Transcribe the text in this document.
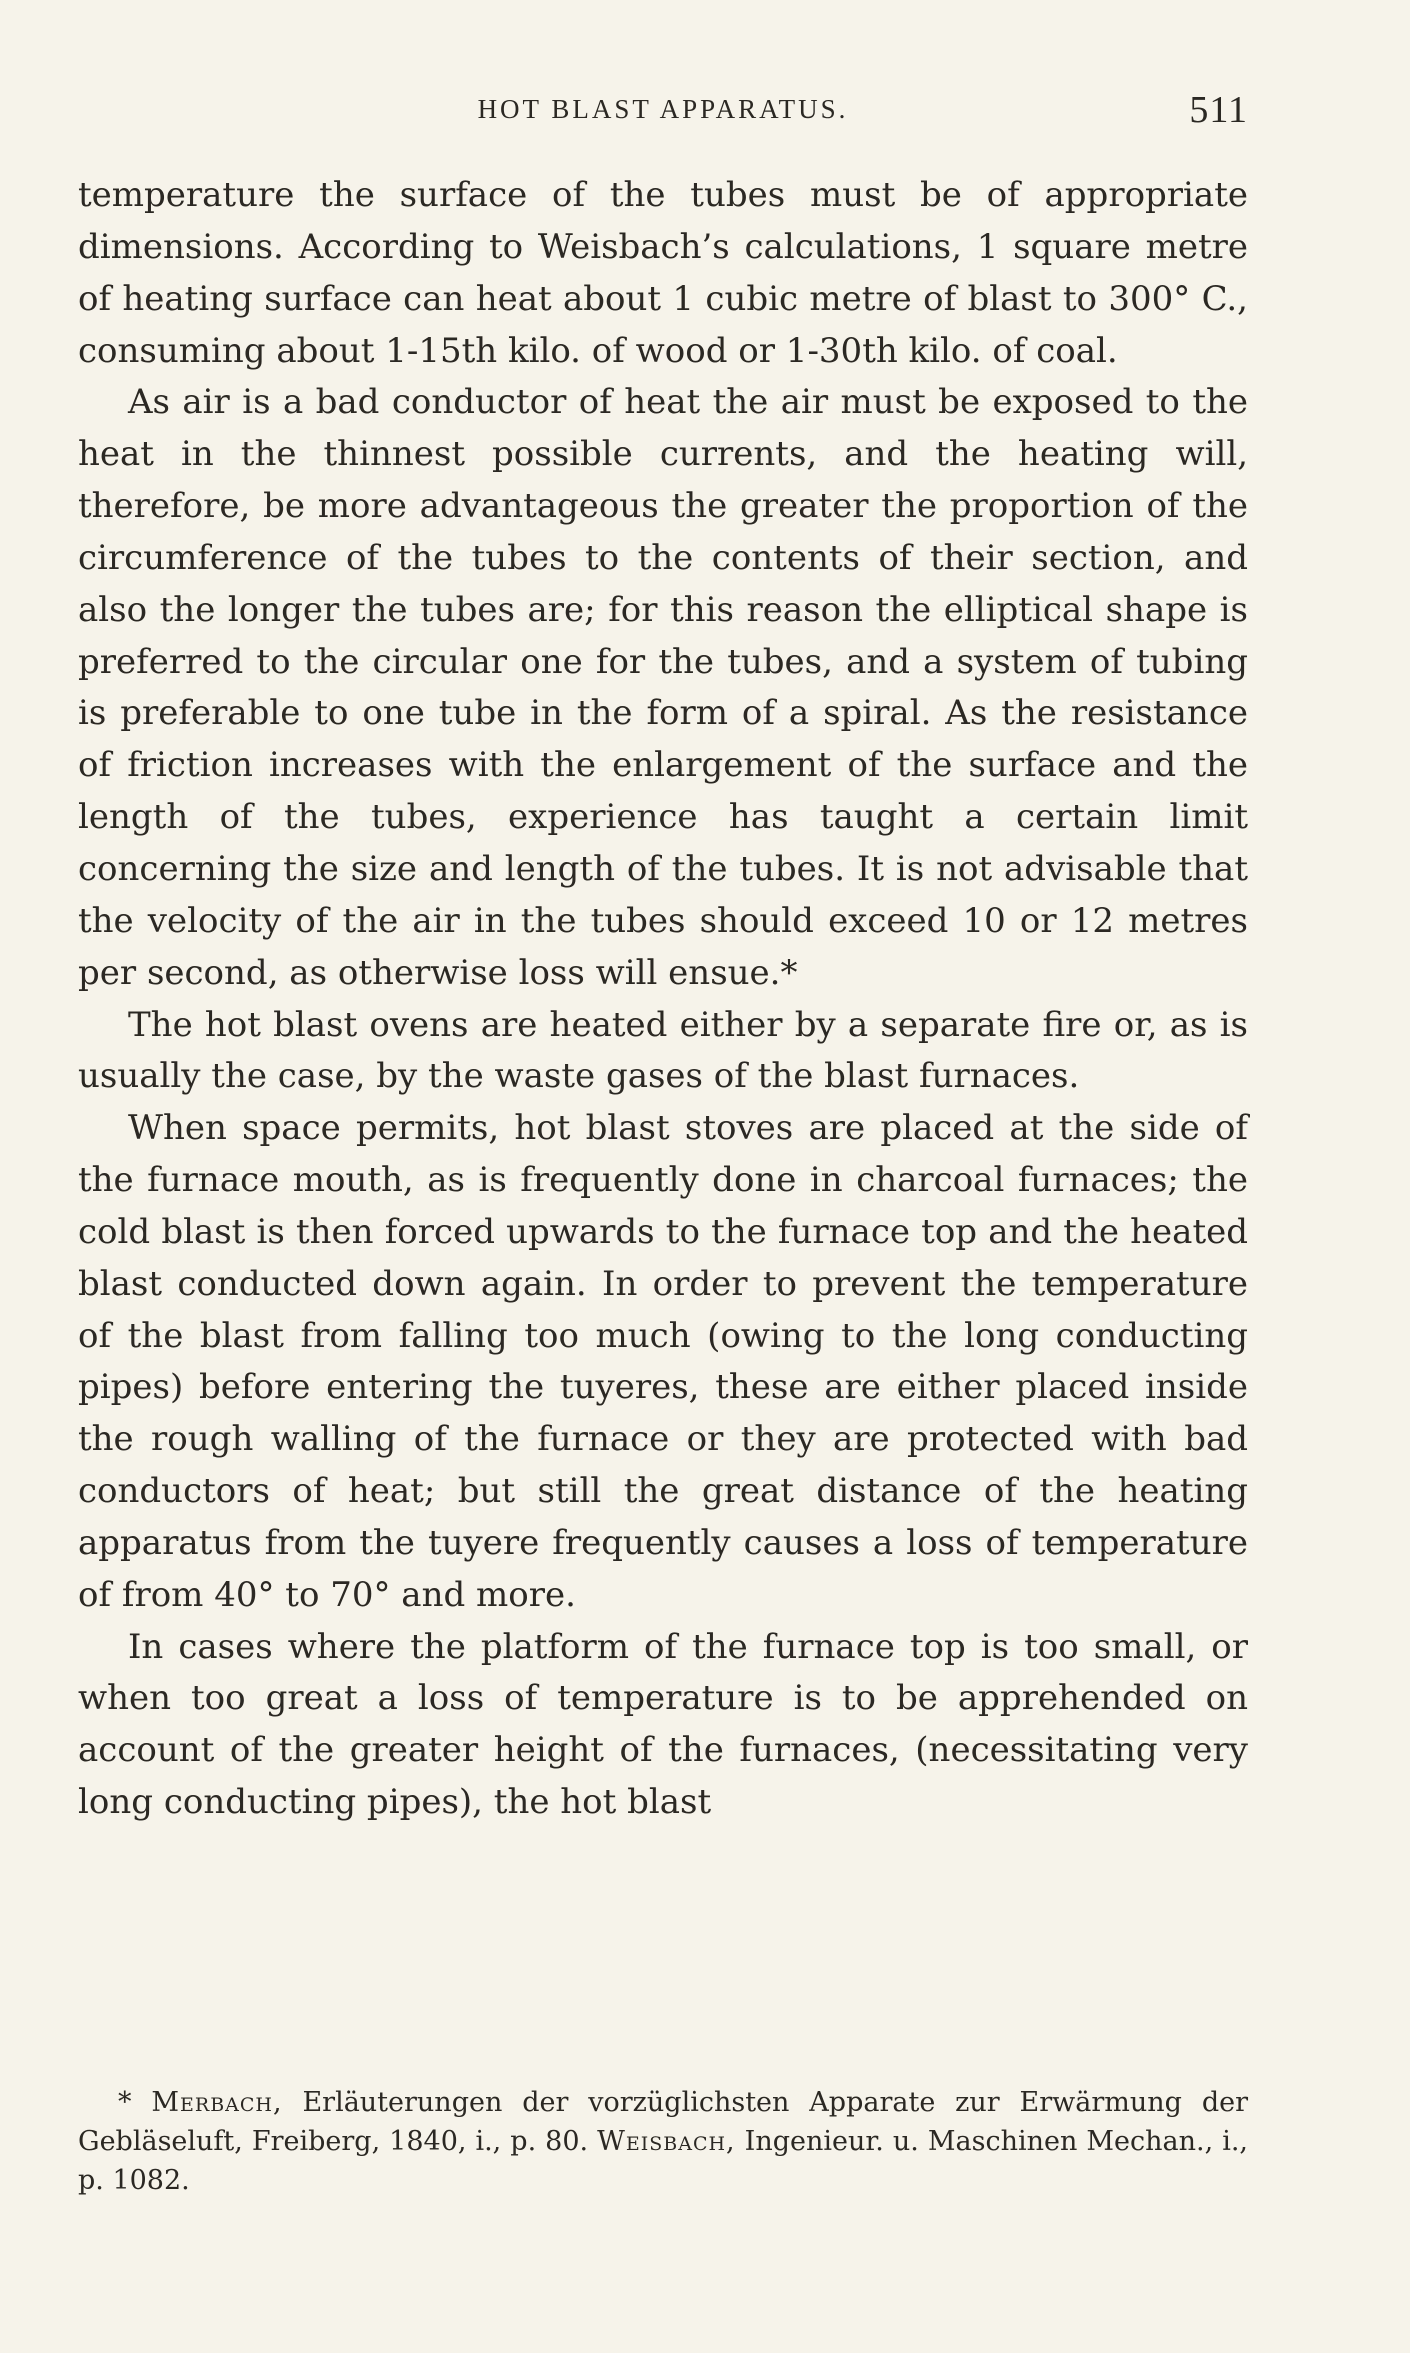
HOT BLAST APPARATUS.	511

temperature the surface of the tubes must be of appropriate dimensions. According to Weisbach’s calculations, 1 square metre of heating surface can heat about 1 cubic metre of blast to 300° C., consuming about 1-15th kilo. of wood or 1-30th kilo. of coal.

As air is a bad conductor of heat the air must be exposed to the heat in the thinnest possible currents, and the heating will, therefore, be more advantageous the greater the proportion of the circumference of the tubes to the contents of their section, and also the longer the tubes are; for this reason the elliptical shape is preferred to the circular one for the tubes, and a system of tubing is preferable to one tube in the form of a spiral. As the resistance of friction increases with the enlargement of the surface and the length of the tubes, experience has taught a certain limit concerning the size and length of the tubes. It is not advisable that the velocity of the air in the tubes should exceed 10 or 12 metres per second, as otherwise loss will ensue.*

The hot blast ovens are heated either by a separate fire or, as is usually the case, by the waste gases of the blast furnaces.

When space permits, hot blast stoves are placed at the side of the furnace mouth, as is frequently done in charcoal furnaces; the cold blast is then forced upwards to the furnace top and the heated blast conducted down again. In order to prevent the temperature of the blast from falling too much (owing to the long conducting pipes) before entering the tuyeres, these are either placed inside the rough walling of the furnace or they are protected with bad conductors of heat; but still the great distance of the heating apparatus from the tuyere frequently causes a loss of temperature of from 40° to 70° and more.

In cases where the platform of the furnace top is too small, or when too great a loss of temperature is to be apprehended on account of the greater height of the furnaces, (necessitating very long conducting pipes), the hot blast

* Merbach, Erläuterungen der vorzüglichsten Apparate zur Erwärmung der Gebläseluft, Freiberg, 1840, i., p. 80. Weisbach, Ingenieur. u. Maschinen Mechan., i., p. 1082.
